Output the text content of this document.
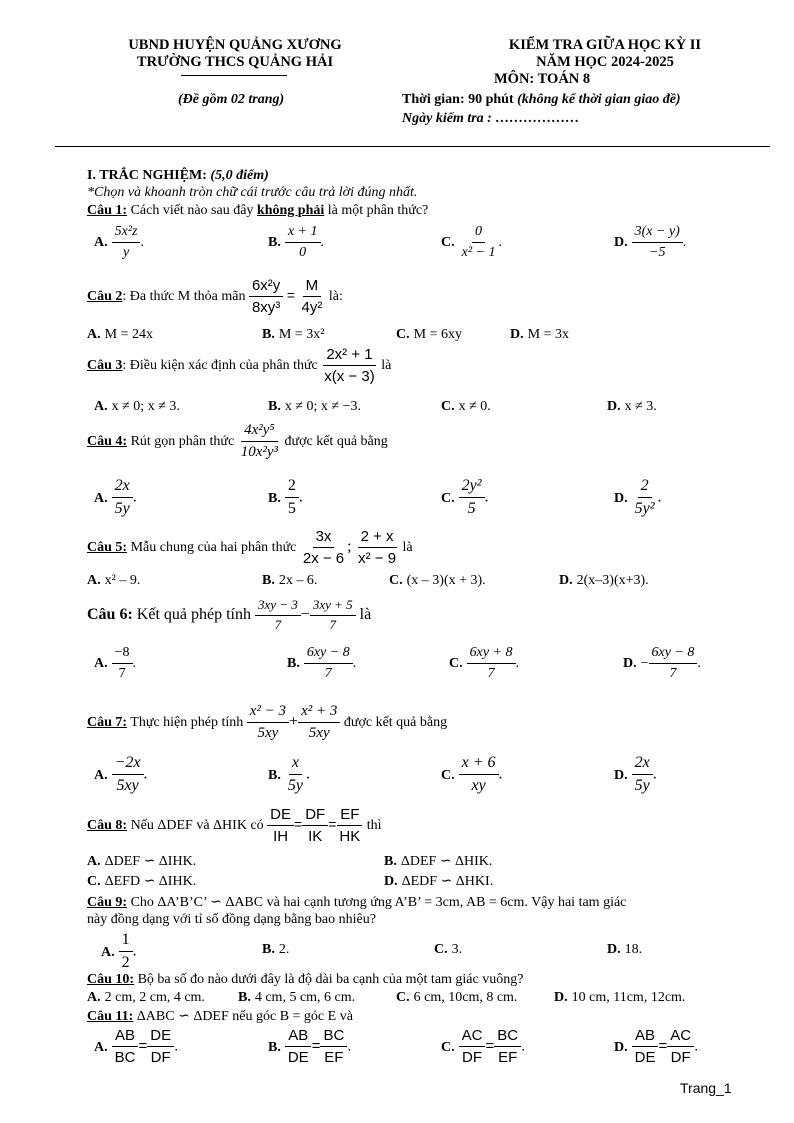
UBND HUYỆN QUẢNG XƯƠNG
TRƯỜNG THCS QUẢNG HẢI
(Đề gồm 02 trang)
KIỂM TRA GIỮA HỌC KỲ II
NĂM HỌC 2024-2025
MÔN: TOÁN 8
Thời gian: 90 phút (không kể thời gian giao đề)
Ngày kiểm tra : ………………
I. TRẮC NGHIỆM: (5,0 điểm)
*Chọn và khoanh tròn chữ cái trước câu trả lời đúng nhất.
Câu 1: Cách viết nào sau đây không phải là một phân thức?
A. $\frac{\text{5x²z}}{y}$ .	B. $\frac{x + 1}{0}$ .	C. $\frac{0}{\text{x² − 1}}$ .	D. $\frac{3(x - y)}{-5}$ .
Câu 2: Đa thức M thỏa mãn $\frac{\text{6x²y}}{\text{8xy³}} = \frac{M}{\text{4y²}}$ là:
A. M = 24x	B. M = 3x²	C. M = 6xy	D. M = 3x
Câu 3: Điều kiện xác định của phân thức $\frac{\text{2x² + 1}}{x(x - 3)}$ là
A. x ≠ 0; x ≠ 3.	B. x ≠ 0; x ≠ −3.	C. x ≠ 0.	D. x ≠ 3.
Câu 4: Rút gọn phân thức $\frac{\text{4x²y⁵}}{\text{10x²y³}}$ được kết quả bằng
A. $\frac{2x}{5y}$ .	B. $\frac{2}{5}$ .	C. $\frac{\text{2y²}}{5}$ .	D. $\frac{2}{\text{5y²}}$ .
Câu 5: Mẫu chung của hai phân thức $\frac{3x}{2x - 6}$ ; $\frac{2 + x}{\text{x² − 9}}$ là
A. x² – 9.	B. 2x – 6.	C. (x – 3)(x + 3).	D. 2(x–3)(x+3).
Câu 6: Kết quả phép tính $\frac{3xy - 3}{7} - \frac{3xy + 5}{7}$ là
A. $\frac{-8}{7}$ .	B. $\frac{6xy - 8}{7}$ .	C. $\frac{6xy + 8}{7}$ .	D. − $\frac{6xy - 8}{7}$ .
Câu 7: Thực hiện phép tính $\frac{\text{x² − 3}}{5xy} + \frac{\text{x² + 3}}{5xy}$ được kết quả bằng
A. $\frac{-2x}{5xy}$ .	B. $\frac{x}{5y}$ .	C. $\frac{x + 6}{xy}$ .	D. $\frac{2x}{5y}$ .
Câu 8: Nếu ΔDEF và ΔHIK có $\frac{DE}{IH} = \frac{DF}{IK} = \frac{EF}{HK}$ thì
A. ΔDEF ∽ ΔIHK.	B. ΔDEF ∽ ΔHIK.
C. ΔEFD ∽ ΔIHK.	D. ΔEDF ∽ ΔHKI.
Câu 9: Cho ΔA’B’C’ ∽ ΔABC và hai cạnh tương ứng A’B’ = 3cm, AB = 6cm. Vậy hai tam giác
này đồng dạng với tỉ số đồng dạng bằng bao nhiêu?
A. $\frac{1}{2}$ .	B. 2.	C. 3.	D. 18.
Câu 10: Bộ ba số đo nào dưới đây là độ dài ba cạnh của một tam giác vuông?
A. 2 cm, 2 cm, 4 cm. B. 4 cm, 5 cm, 6 cm.	C. 6 cm, 10cm, 8 cm.	D. 10 cm, 11cm, 12cm.
Câu 11: ΔABC ∽ ΔDEF nếu góc B = góc E và
A. $\frac{AB}{BC} = \frac{DE}{DF}$ .	B. $\frac{AB}{DE} = \frac{BC}{EF}$ .	C. $\frac{AC}{DF} = \frac{BC}{EF}$ .	D. $\frac{AB}{DE} = \frac{AC}{DF}$ .
Trang_1
